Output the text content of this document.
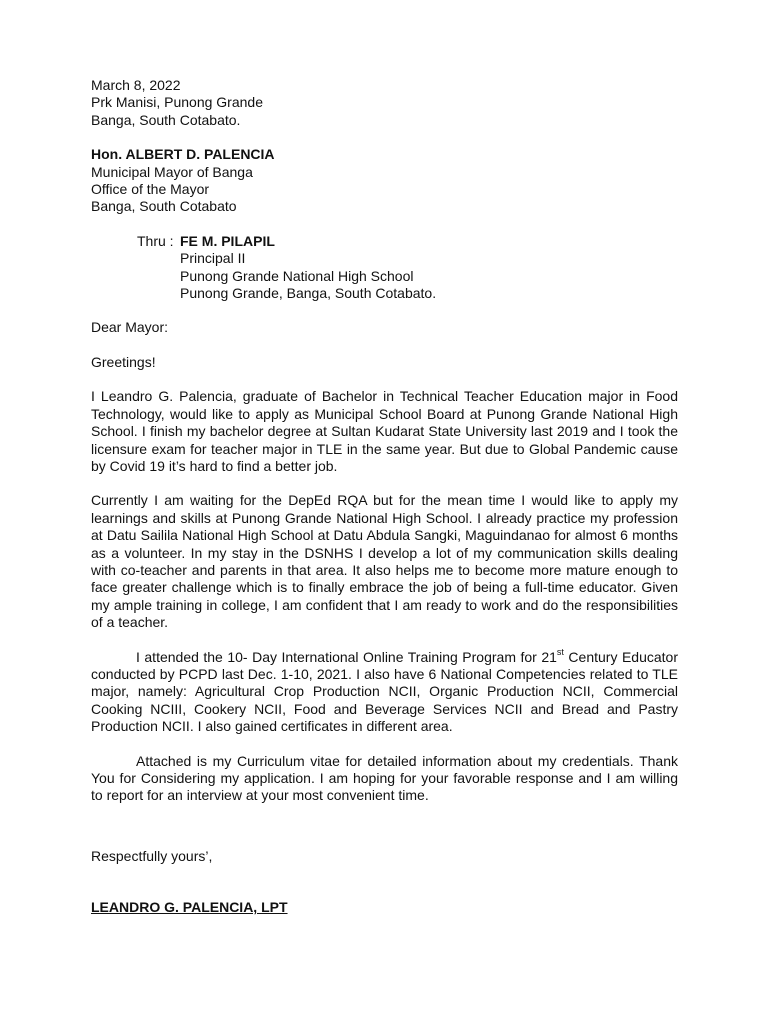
March 8, 2022
Prk Manisi, Punong Grande
Banga, South Cotabato.
Hon. ALBERT D. PALENCIA
Municipal Mayor of Banga
Office of the Mayor
Banga, South Cotabato
Thru : FE M. PILAPIL
Principal II
Punong Grande National High School
Punong Grande, Banga, South Cotabato.
Dear Mayor:
Greetings!

I Leandro G. Palencia, graduate of Bachelor in Technical Teacher Education major in Food Technology, would like to apply as Municipal School Board at Punong Grande National High School. I finish my bachelor degree at Sultan Kudarat State University last 2019 and I took the licensure exam for teacher major in TLE in the same year. But due to Global Pandemic cause by Covid 19 it’s hard to find a better job.

Currently I am waiting for the DepEd RQA but for the mean time I would like to apply my learnings and skills at Punong Grande National High School. I already practice my profession at Datu Sailila National High School at Datu Abdula Sangki, Maguindanao for almost 6 months as a volunteer. In my stay in the DSNHS I develop a lot of my communication skills dealing with co-teacher and parents in that area. It also helps me to become more mature enough to face greater challenge which is to finally embrace the job of being a full-time educator. Given my ample training in college, I am confident that I am ready to work and do the responsibilities of a teacher.

I attended the 10- Day International Online Training Program for 21st Century Educator conducted by PCPD last Dec. 1-10, 2021. I also have 6 National Competencies related to TLE major, namely: Agricultural Crop Production NCII, Organic Production NCII, Commercial Cooking NCIII, Cookery NCII, Food and Beverage Services NCII and Bread and Pastry Production NCII. I also gained certificates in different area.

Attached is my Curriculum vitae for detailed information about my credentials. Thank You for Considering my application. I am hoping for your favorable response and I am willing to report for an interview at your most convenient time.

Respectfully yours’,
LEANDRO G. PALENCIA, LPT
